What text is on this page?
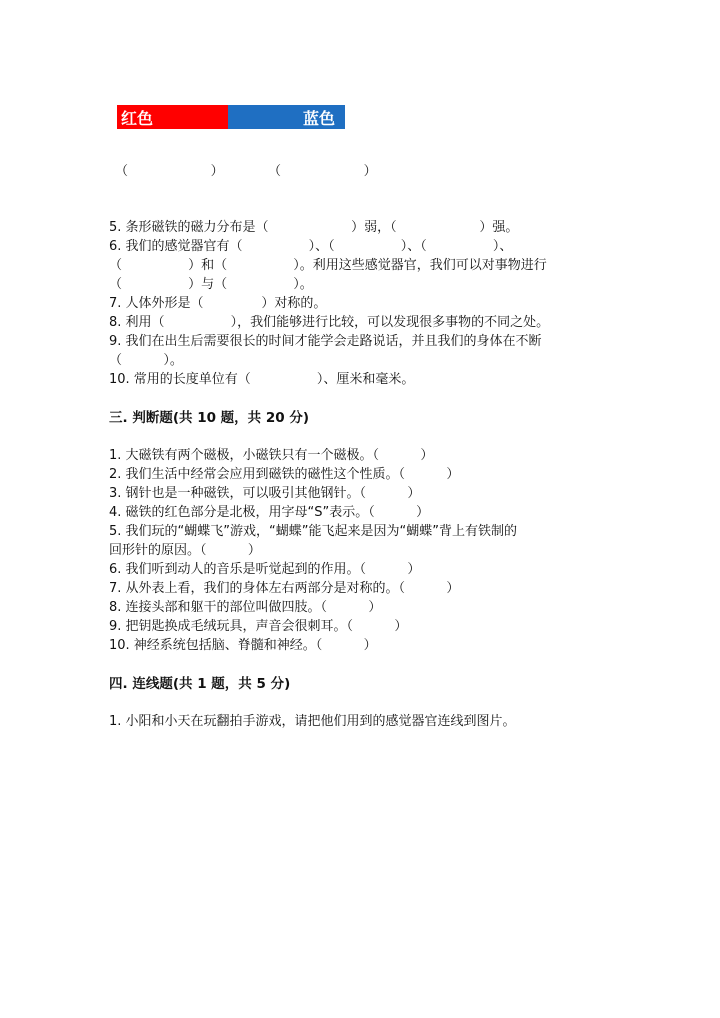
红色	蓝色
（                    ）	（                    ）
5. 条形磁铁的磁力分布是（                    ）弱，（                    ）强。
6. 我们的感觉器官有（                ）、（                ）、（                ）、
（                ）和（                ）。利用这些感觉器官，我们可以对事物进行
（                ）与（                ）。
7. 人体外形是（              ）对称的。
8. 利用（                ），我们能够进行比较，可以发现很多事物的不同之处。
9. 我们在出生后需要很长的时间才能学会走路说话，并且我们的身体在不断
（          ）。
10. 常用的长度单位有（                ）、厘米和毫米。
三. 判断题(共 10 题，共 20 分)
1. 大磁铁有两个磁极，小磁铁只有一个磁极。（          ）
2. 我们生活中经常会应用到磁铁的磁性这个性质。（          ）
3. 钢针也是一种磁铁，可以吸引其他钢针。（          ）
4. 磁铁的红色部分是北极，用字母“S”表示。（          ）
5. 我们玩的“蝴蝶飞”游戏，“蝴蝶”能飞起来是因为“蝴蝶”背上有铁制的
回形针的原因。（          ）
6. 我们听到动人的音乐是听觉起到的作用。（          ）
7. 从外表上看，我们的身体左右两部分是对称的。（          ）
8. 连接头部和躯干的部位叫做四肢。（          ）
9. 把钥匙换成毛绒玩具，声音会很刺耳。（          ）
10. 神经系统包括脑、脊髓和神经。（          ）
四. 连线题(共 1 题，共 5 分)
1. 小阳和小天在玩翻拍手游戏，请把他们用到的感觉器官连线到图片。
